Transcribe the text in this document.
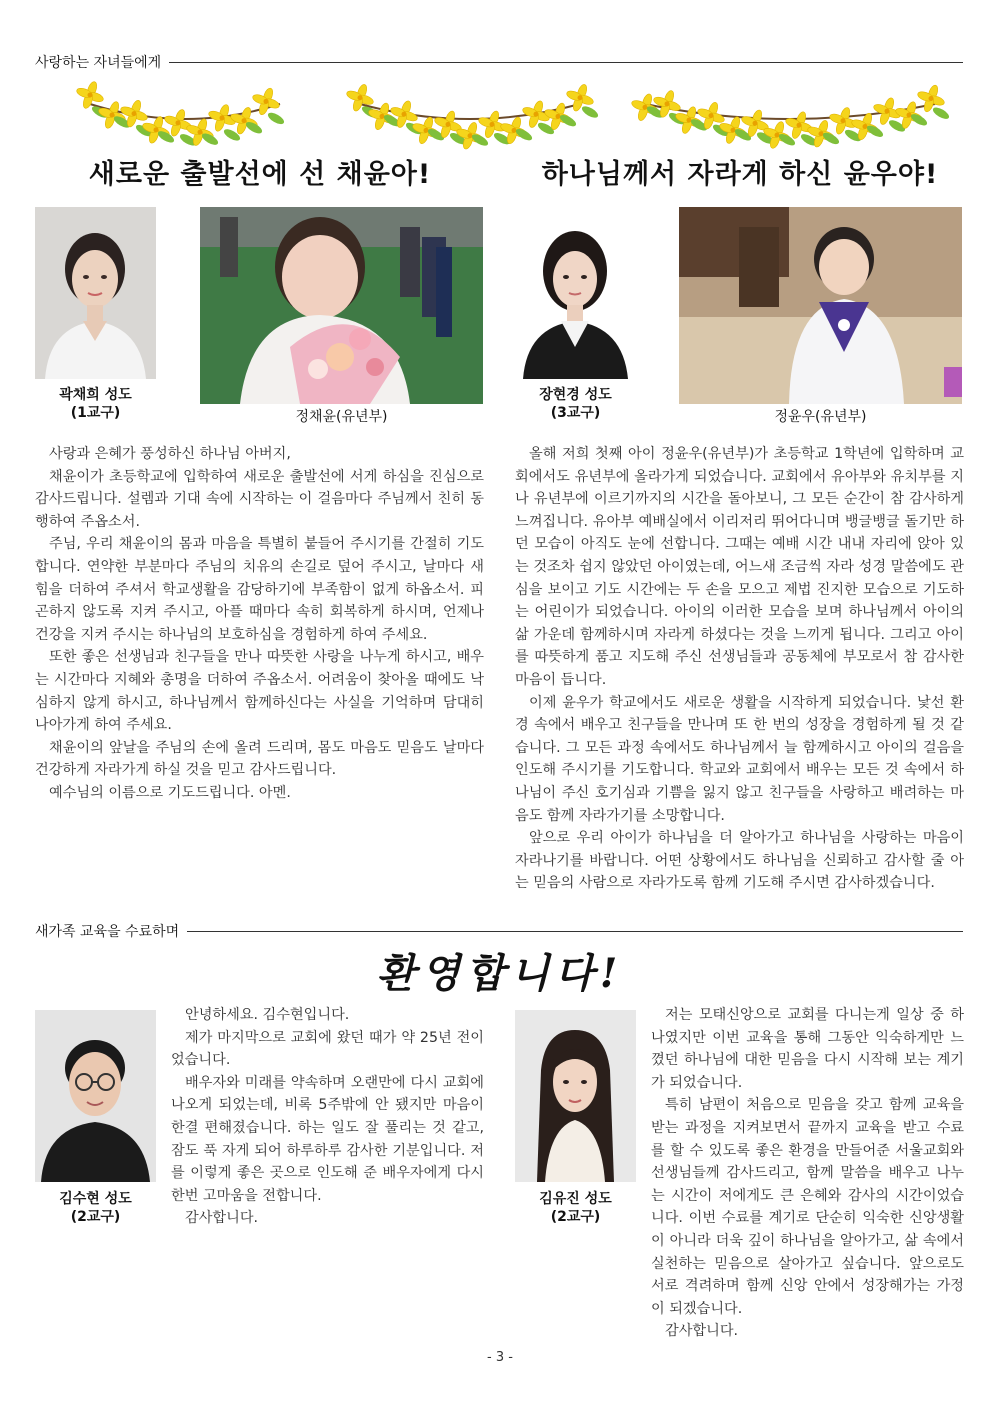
사랑하는 자녀들에게
새로운 출발선에 선 채윤아!	하나님께서 자라게 하신 윤우야!
곽채희 성도
(1교구)	정채윤(유년부)
장현경 성도
(3교구)	정윤우(유년부)

사랑과 은혜가 풍성하신 하나님 아버지,

채윤이가 초등학교에 입학하여 새로운 출발선에 서게 하심을 진심으로 감사드립니다. 설렘과 기대 속에 시작하는 이 걸음마다 주님께서 친히 동행하여 주옵소서.

주님, 우리 채윤이의 몸과 마음을 특별히 붙들어 주시기를 간절히 기도합니다. 연약한 부분마다 주님의 치유의 손길로 덮어 주시고, 날마다 새 힘을 더하여 주셔서 학교생활을 감당하기에 부족함이 없게 하옵소서. 피곤하지 않도록 지켜 주시고, 아플 때마다 속히 회복하게 하시며, 언제나 건강을 지켜 주시는 하나님의 보호하심을 경험하게 하여 주세요.

또한 좋은 선생님과 친구들을 만나 따뜻한 사랑을 나누게 하시고, 배우는 시간마다 지혜와 총명을 더하여 주옵소서. 어려움이 찾아올 때에도 낙심하지 않게 하시고, 하나님께서 함께하신다는 사실을 기억하며 담대히 나아가게 하여 주세요.

채윤이의 앞날을 주님의 손에 올려 드리며, 몸도 마음도 믿음도 날마다 건강하게 자라가게 하실 것을 믿고 감사드립니다.

예수님의 이름으로 기도드립니다. 아멘.

올해 저희 첫째 아이 정윤우(유년부)가 초등학교 1학년에 입학하며 교회에서도 유년부에 올라가게 되었습니다. 교회에서 유아부와 유치부를 지나 유년부에 이르기까지의 시간을 돌아보니, 그 모든 순간이 참 감사하게 느껴집니다. 유아부 예배실에서 이리저리 뛰어다니며 뱅글뱅글 돌기만 하던 모습이 아직도 눈에 선합니다. 그때는 예배 시간 내내 자리에 앉아 있는 것조차 쉽지 않았던 아이였는데, 어느새 조금씩 자라 성경 말씀에도 관심을 보이고 기도 시간에는 두 손을 모으고 제법 진지한 모습으로 기도하는 어린이가 되었습니다. 아이의 이러한 모습을 보며 하나님께서 아이의 삶 가운데 함께하시며 자라게 하셨다는 것을 느끼게 됩니다. 그리고 아이를 따뜻하게 품고 지도해 주신 선생님들과 공동체에 부모로서 참 감사한 마음이 듭니다.

이제 윤우가 학교에서도 새로운 생활을 시작하게 되었습니다. 낯선 환경 속에서 배우고 친구들을 만나며 또 한 번의 성장을 경험하게 될 것 같습니다. 그 모든 과정 속에서도 하나님께서 늘 함께하시고 아이의 걸음을 인도해 주시기를 기도합니다. 학교와 교회에서 배우는 모든 것 속에서 하나님이 주신 호기심과 기쁨을 잃지 않고 친구들을 사랑하고 배려하는 마음도 함께 자라가기를 소망합니다.

앞으로 우리 아이가 하나님을 더 알아가고 하나님을 사랑하는 마음이 자라나기를 바랍니다. 어떤 상황에서도 하나님을 신뢰하고 감사할 줄 아는 믿음의 사람으로 자라가도록 함께 기도해 주시면 감사하겠습니다.

새가족 교육을 수료하며
환영합니다!
김수현 성도
(2교구)

안녕하세요. 김수현입니다.

제가 마지막으로 교회에 왔던 때가 약 25년 전이었습니다.

배우자와 미래를 약속하며 오랜만에 다시 교회에 나오게 되었는데, 비록 5주밖에 안 됐지만 마음이 한결 편해졌습니다. 하는 일도 잘 풀리는 것 같고, 잠도 푹 자게 되어 하루하루 감사한 기분입니다. 저를 이렇게 좋은 곳으로 인도해 준 배우자에게 다시 한번 고마움을 전합니다.

감사합니다.

김유진 성도
(2교구)

저는 모태신앙으로 교회를 다니는게 일상 중 하나였지만 이번 교육을 통해 그동안 익숙하게만 느꼈던 하나님에 대한 믿음을 다시 시작해 보는 계기가 되었습니다.

특히 남편이 처음으로 믿음을 갖고 함께 교육을 받는 과정을 지켜보면서 끝까지 교육을 받고 수료를 할 수 있도록 좋은 환경을 만들어준 서울교회와 선생님들께 감사드리고, 함께 말씀을 배우고 나누는 시간이 저에게도 큰 은혜와 감사의 시간이었습니다. 이번 수료를 계기로 단순히 익숙한 신앙생활이 아니라 더욱 깊이 하나님을 알아가고, 삶 속에서 실천하는 믿음으로 살아가고 싶습니다. 앞으로도 서로 격려하며 함께 신앙 안에서 성장해가는 가정이 되겠습니다.

감사합니다.

- 3 -
